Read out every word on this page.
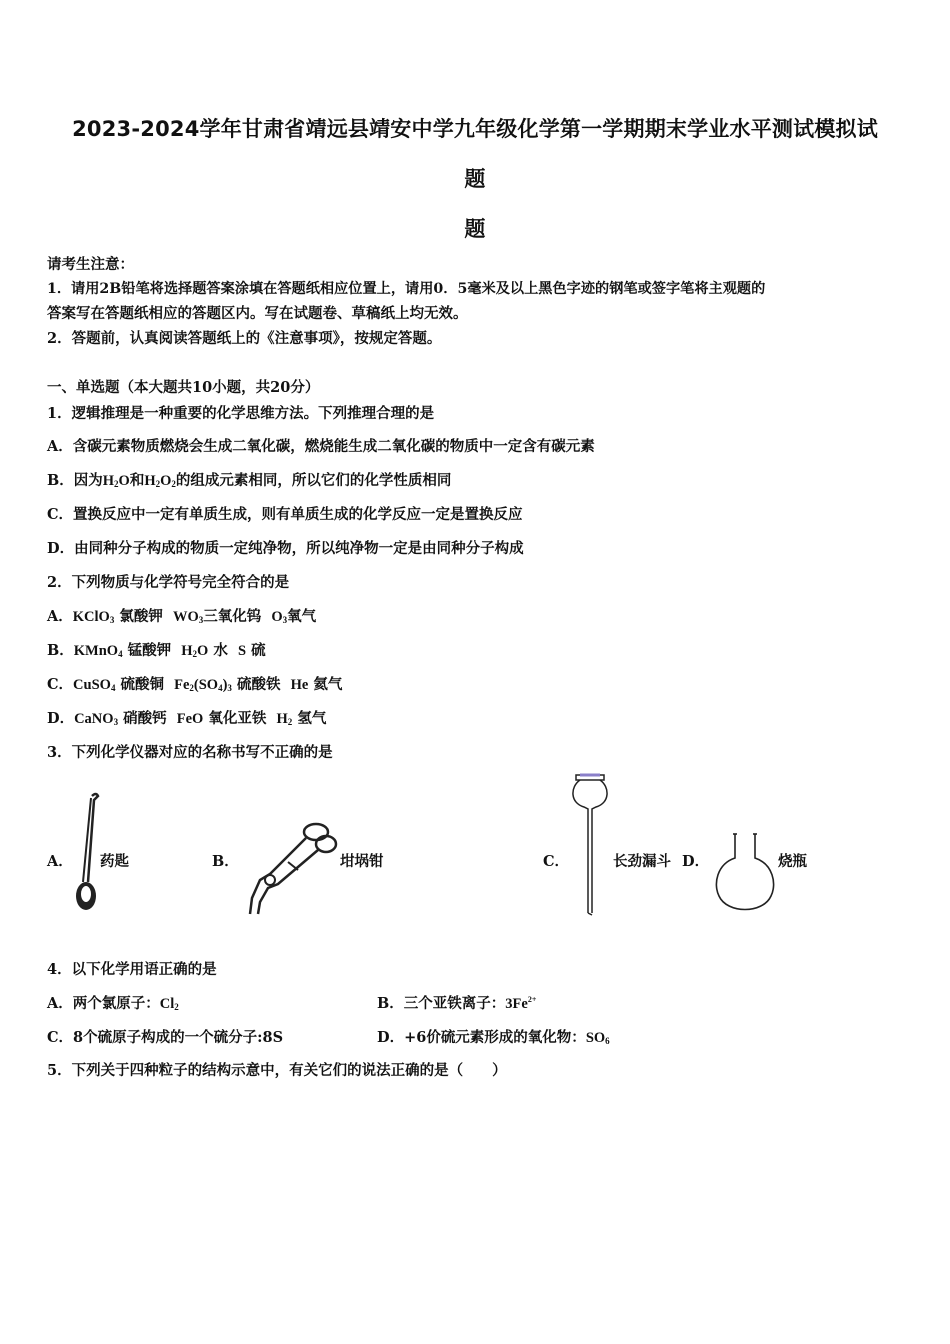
2023-2024学年甘肃省靖远县靖安中学九年级化学第一学期期末学业水平测试模拟试
题
题
请考生注意：
1．请用2B铅笔将选择题答案涂填在答题纸相应位置上，请用0．5毫米及以上黑色字迹的钢笔或签字笔将主观题的
答案写在答题纸相应的答题区内。写在试题卷、草稿纸上均无效。
2．答题前，认真阅读答题纸上的《注意事项》，按规定答题。
一、单选题（本大题共10小题，共20分）
1．逻辑推理是一种重要的化学思维方法。下列推理合理的是
A．含碳元素物质燃烧会生成二氧化碳，燃烧能生成二氧化碳的物质中一定含有碳元素
B．因为$H_2O$和$H_2O_2$的组成元素相同，所以它们的化学性质相同
C．置换反应中一定有单质生成，则有单质生成的化学反应一定是置换反应
D．由同种分子构成的物质一定纯净物，所以纯净物一定是由同种分子构成
2．下列物质与化学符号完全符合的是
A．KClO$_3$ 氯酸钾 $WO_3$三氧化钨 $O_3$氧气
B．KMnO$_4$ 锰酸钾 $H_2O$ 水 S 硫
C．CuSO$_4$ 硫酸铜 $Fe_2(SO_4)_3$ 硫酸铁 He 氦气
D．CaNO$_3$ 硝酸钙 FeO 氧化亚铁 $H_2$ 氢气
3．下列化学仪器对应的名称书写不正确的是
A． 药匙	B．	坩埚钳	C．	长劲漏斗 D．	烧瓶
4．以下化学用语正确的是
A．两个氯原子：$Cl_2$	B．三个亚铁离子：$3Fe^{2+}$
C．8个硫原子构成的一个硫分子:8S	D．+6价硫元素形成的氧化物：$SO_6$
5．下列关于四种粒子的结构示意中，有关它们的说法正确的是（　　）
